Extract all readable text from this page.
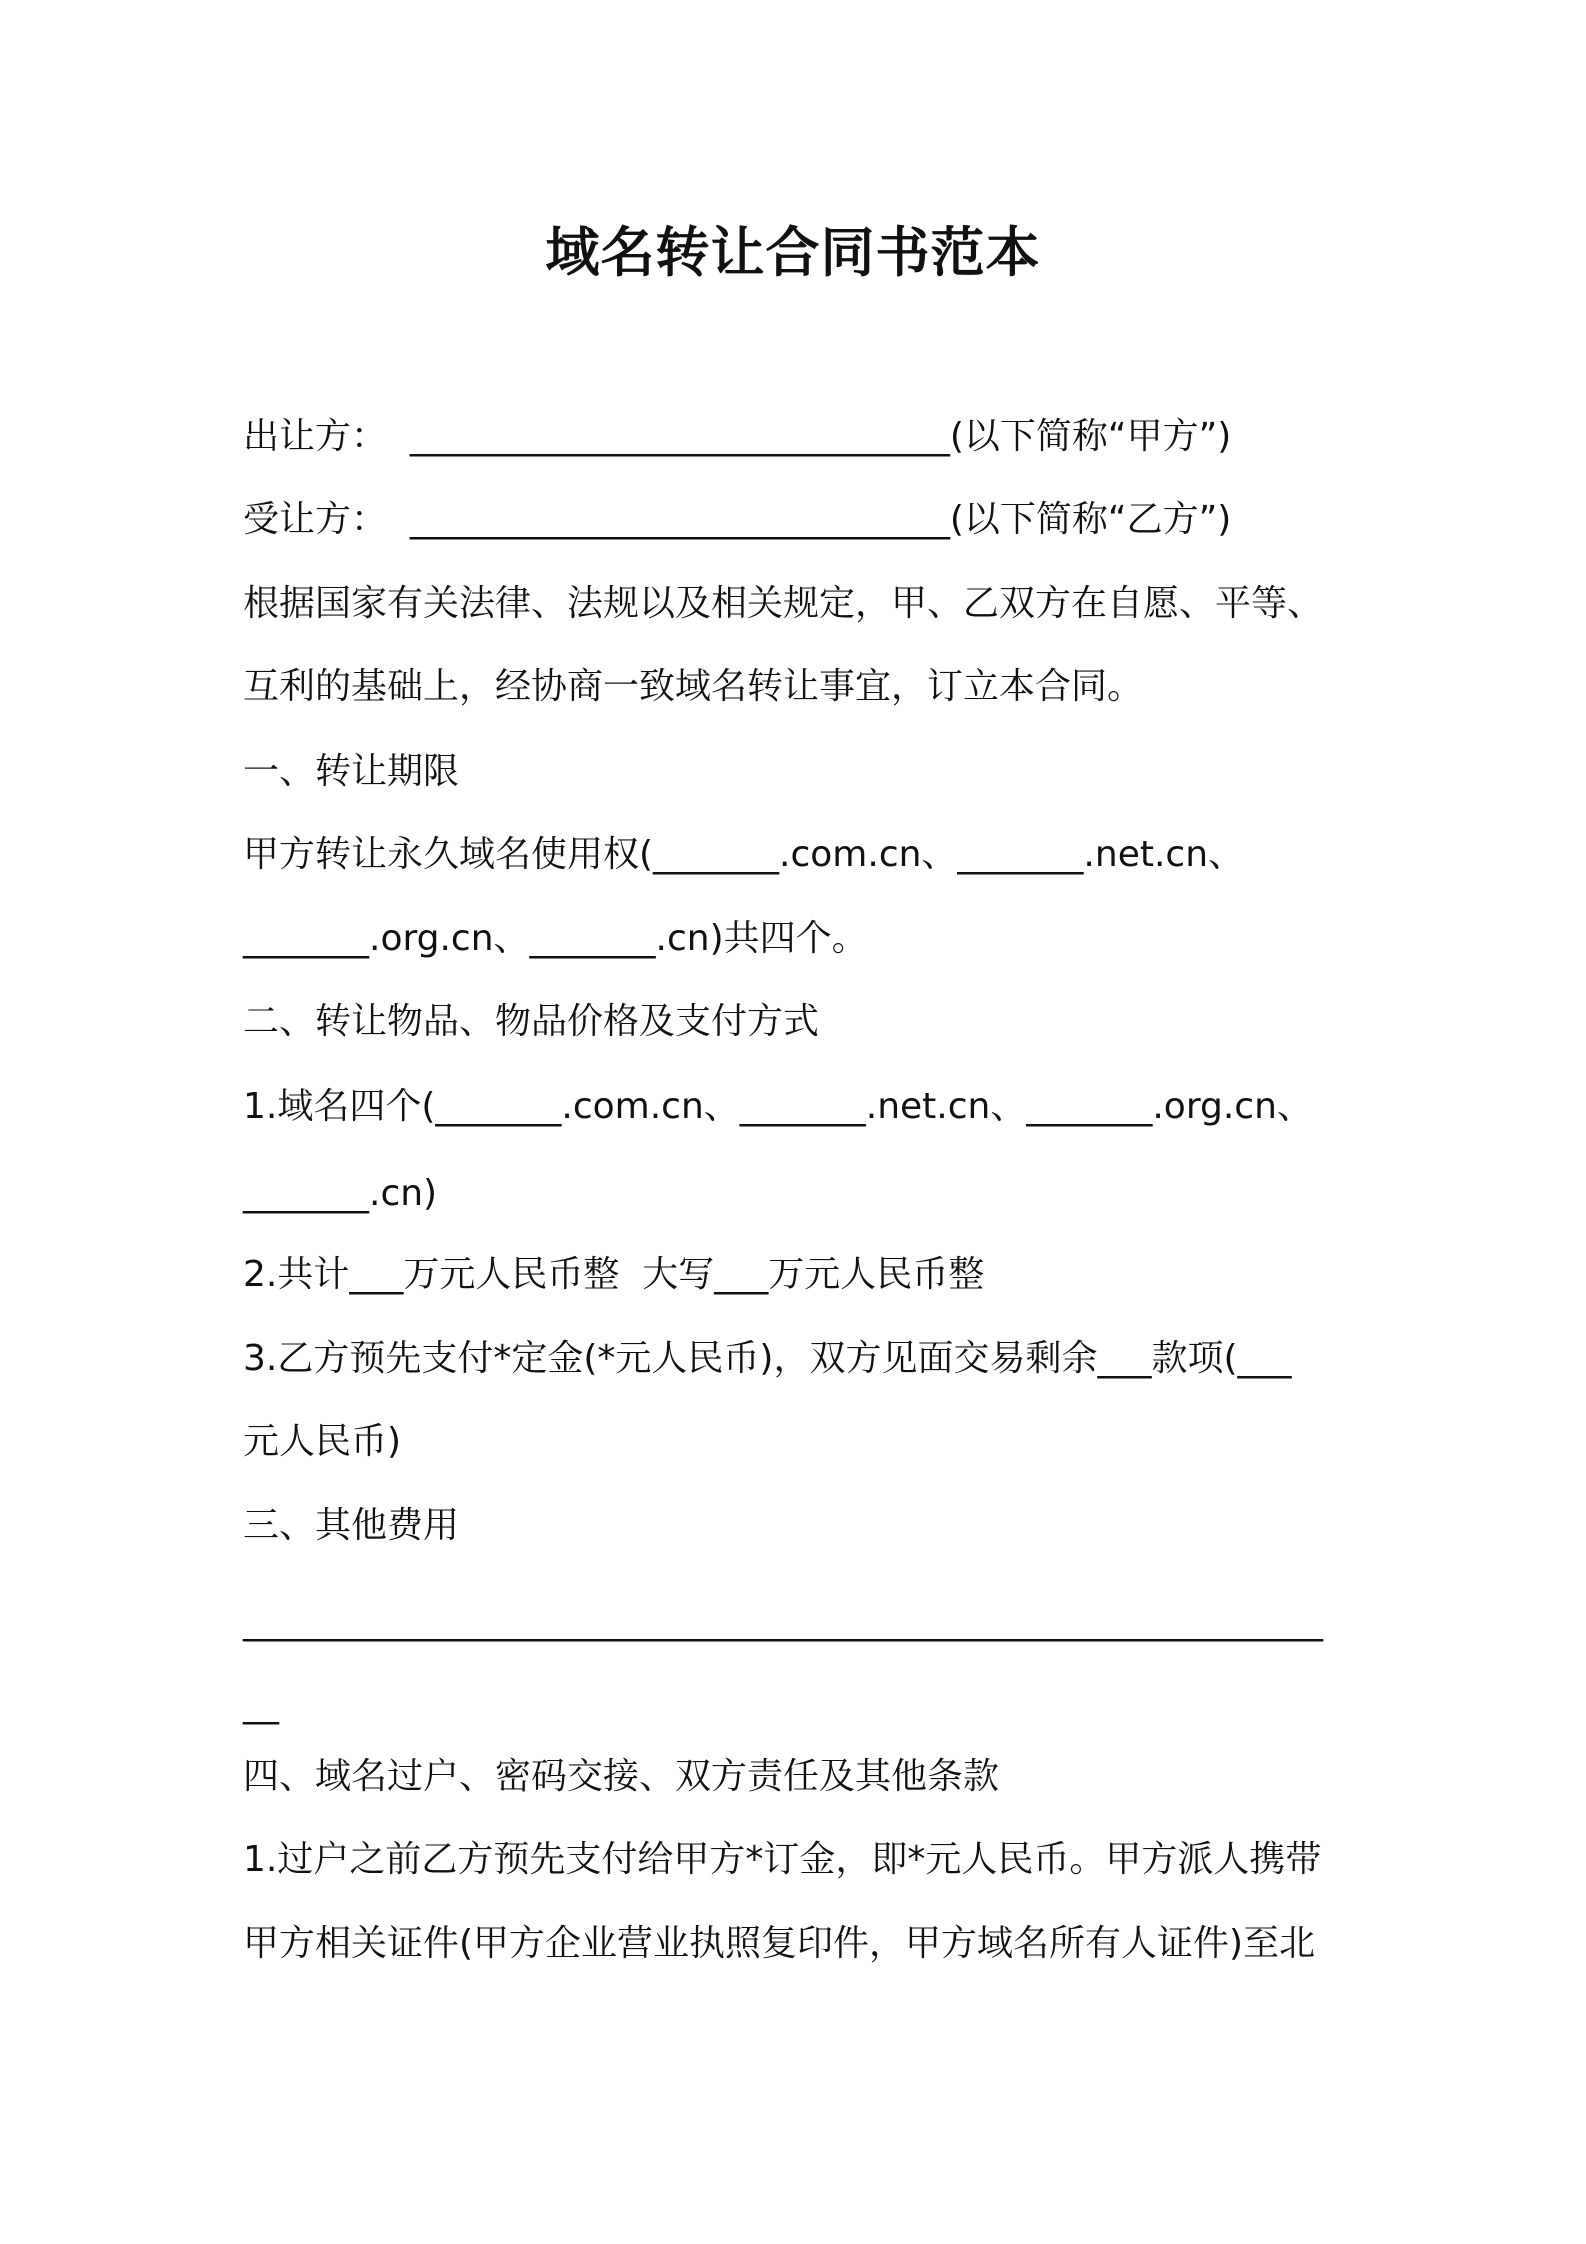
域名转让合同书范本

出让方：  ______________________________(以下简称“甲方”)

受让方：  ______________________________(以下简称“乙方”)

根据国家有关法律、法规以及相关规定，甲、乙双方在自愿、平等、

互利的基础上，经协商一致域名转让事宜，订立本合同。

一、转让期限

甲方转让永久域名使用权(_______.com.cn、_______.net.cn、

_______.org.cn、_______.cn)共四个。

二、转让物品、物品价格及支付方式

1.域名四个(_______.com.cn、_______.net.cn、_______.org.cn、

_______.cn)

2.共计___万元人民币整  大写___万元人民币整

3.乙方预先支付*定金(*元人民币)，双方见面交易剩余___款项(___

元人民币)

三、其他费用

____________________________________________________________

__

四、域名过户、密码交接、双方责任及其他条款

1.过户之前乙方预先支付给甲方*订金，即*元人民币。甲方派人携带

甲方相关证件(甲方企业营业执照复印件，甲方域名所有人证件)至北
